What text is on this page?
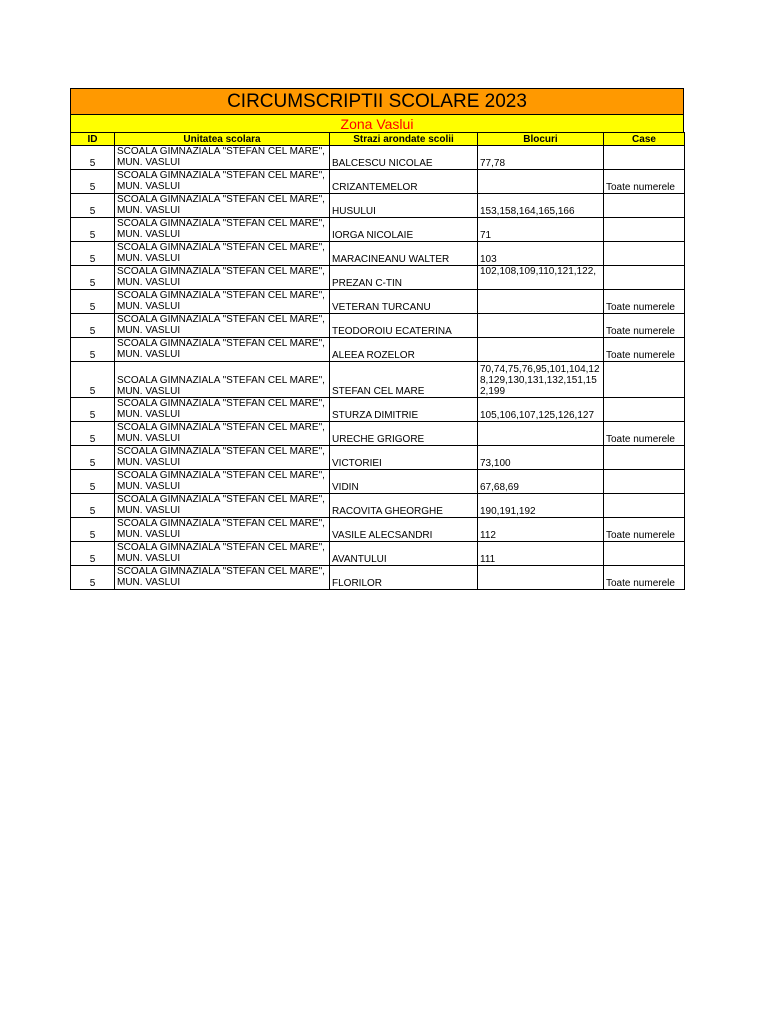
CIRCUMSCRIPTII SCOLARE 2023
Zona Vaslui
ID	Unitatea scolara	Strazi arondate scolii	Blocuri	Case
5	SCOALA GIMNAZIALA "STEFAN CEL MARE", MUN. VASLUI	BALCESCU NICOLAE	77,78	
5	SCOALA GIMNAZIALA "STEFAN CEL MARE", MUN. VASLUI	CRIZANTEMELOR		Toate numerele
5	SCOALA GIMNAZIALA "STEFAN CEL MARE", MUN. VASLUI	HUSULUI	153,158,164,165,166	
5	SCOALA GIMNAZIALA "STEFAN CEL MARE", MUN. VASLUI	IORGA NICOLAIE	71	
5	SCOALA GIMNAZIALA "STEFAN CEL MARE", MUN. VASLUI	MARACINEANU WALTER	103	
5	SCOALA GIMNAZIALA "STEFAN CEL MARE", MUN. VASLUI	PREZAN C-TIN	102,108,109,110,121,122,	
5	SCOALA GIMNAZIALA "STEFAN CEL MARE", MUN. VASLUI	VETERAN TURCANU		Toate numerele
5	SCOALA GIMNAZIALA "STEFAN CEL MARE", MUN. VASLUI	TEODOROIU ECATERINA		Toate numerele
5	SCOALA GIMNAZIALA "STEFAN CEL MARE", MUN. VASLUI	ALEEA ROZELOR		Toate numerele
5	SCOALA GIMNAZIALA "STEFAN CEL MARE", MUN. VASLUI	STEFAN CEL MARE	70,74,75,76,95,101,104,128,129,130,131,132,151,152,199	
5	SCOALA GIMNAZIALA "STEFAN CEL MARE", MUN. VASLUI	STURZA DIMITRIE	105,106,107,125,126,127	
5	SCOALA GIMNAZIALA "STEFAN CEL MARE", MUN. VASLUI	URECHE GRIGORE		Toate numerele
5	SCOALA GIMNAZIALA "STEFAN CEL MARE", MUN. VASLUI	VICTORIEI	73,100	
5	SCOALA GIMNAZIALA "STEFAN CEL MARE", MUN. VASLUI	VIDIN	67,68,69	
5	SCOALA GIMNAZIALA "STEFAN CEL MARE", MUN. VASLUI	RACOVITA GHEORGHE	190,191,192	
5	SCOALA GIMNAZIALA "STEFAN CEL MARE", MUN. VASLUI	VASILE ALECSANDRI	112	Toate numerele
5	SCOALA GIMNAZIALA "STEFAN CEL MARE", MUN. VASLUI	AVANTULUI	111	
5	SCOALA GIMNAZIALA "STEFAN CEL MARE", MUN. VASLUI	FLORILOR		Toate numerele
